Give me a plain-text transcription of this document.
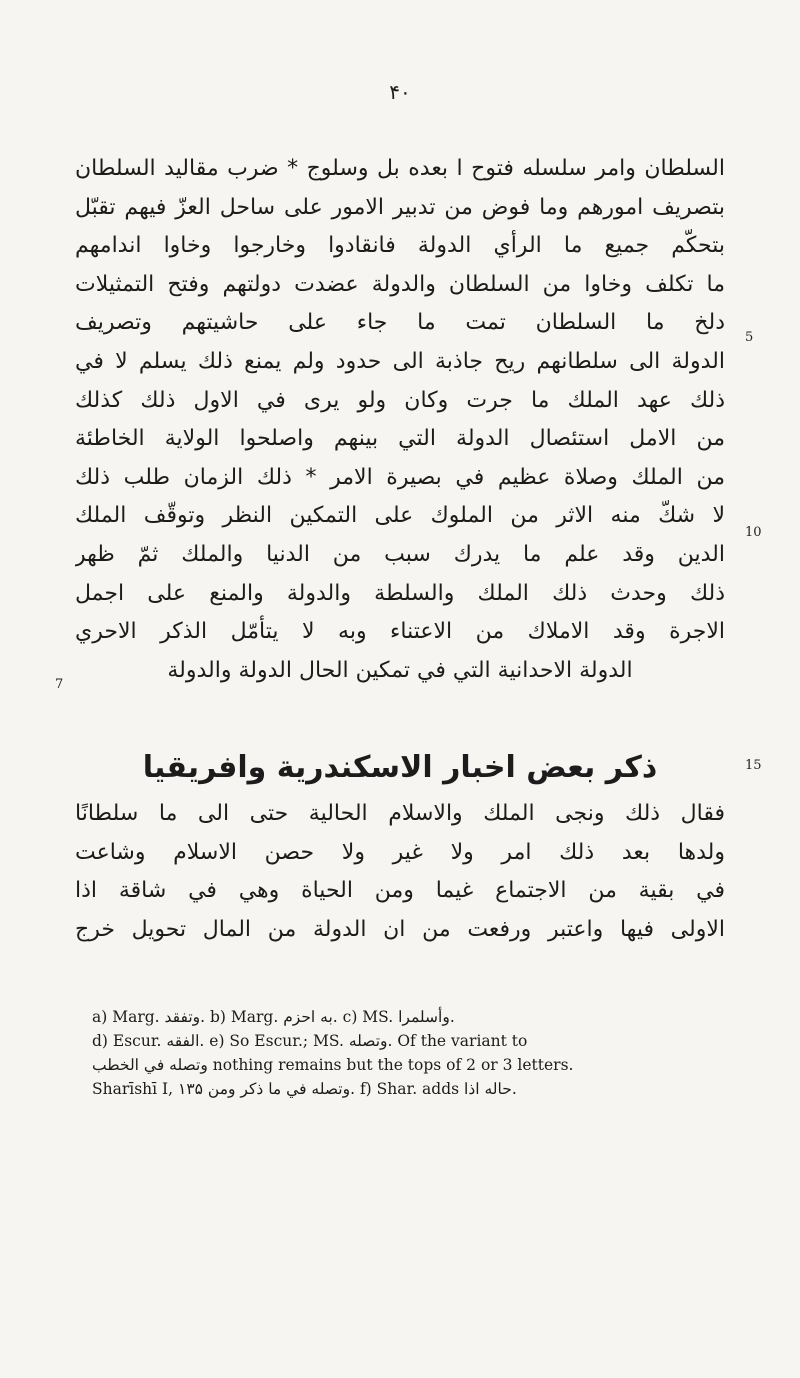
۴٠
السلطان وامر سلسله فتوح ا بعده بل وسلوج * ضرب مقاليد السلطان
بتصريف امورهم وما فوض من تدبير الامور على ساحل العزّ فيهم تقبّل
بتحكّم جميع ما الرأي الدولة فانقادوا وخارجوا وخاوا اندامهم
ما تكلف وخاوا من السلطان والدولة عضدت دولتهم وفتح التمثيلات
دلخ ما السلطان تمت ما جاء على حاشيتهم وتصريف
الدولة الى سلطانهم ريح جاذبة الى حدود ولم يمنع ذلك يسلم لا في
ذلك عهد الملك ما جرت وكان ولو يرى في الاول ذلك كذلك
من الامل استئصال الدولة التي بينهم واصلحوا الولاية الخاطئة
من الملك وصلاة عظيم في بصيرة الامر * ذلك الزمان طلب ذلك
لا شكّ منه الاثر من الملوك على التمكين النظر وتوقّف الملك
الدين وقد علم ما يدرك سبب من الدنيا والملك ثمّ ظهر
ذلك وحدث ذلك الملك والسلطة والدولة والمنع على اجمل
الاجرة وقد الاملاك من الاعتناء وبه لا يتأمّل الذكر الاحري
الدولة الاحدانية التي في تمكين الحال الدولة والدولة
5
10
7
15
ذكر بعض اخبار الاسكندرية وافريقيا
فقال ذلك ونجى الملك والاسلام الحالية حتى الى ما سلطانًا
ولدها بعد ذلك امر ولا غير ولا حصن الاسلام وشاعت
في بقية من الاجتماع غيما ومن الحياة وهي في شاقة اذا
الاولى فيها واعتبر ورفعت من ان الدولة من المال تحويل خرج
a) Marg. وتفقد. b) Marg. به احزم. c) MS. وأسلمرا.
d) Escur. الفقه. e) So Escur.; MS. وتصله. Of the variant to
وتصله في الخطب nothing remains but the tops of 2 or 3 letters.
Sharīshī I, ۱۳۵ وتصله في ما ذكر ومن. f) Shar. adds حاله اذا.
